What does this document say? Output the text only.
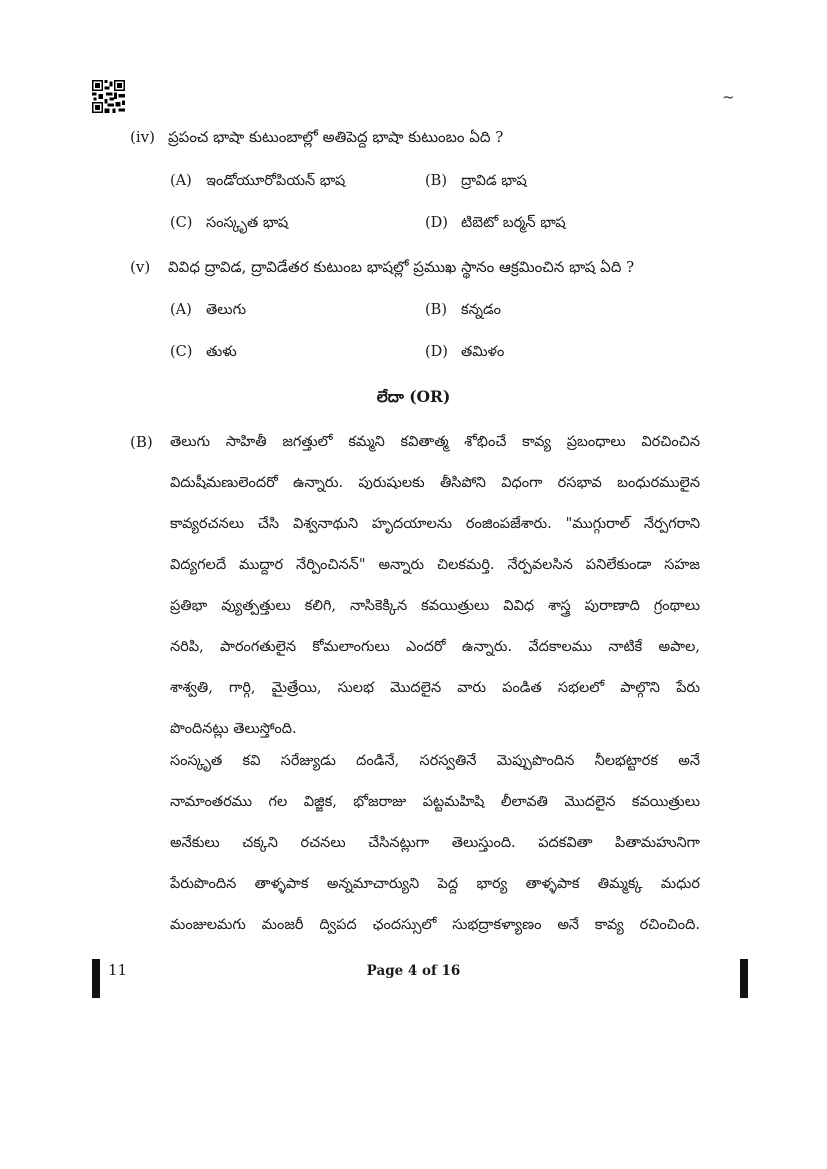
~
(iv) ప్రపంచ భాషా కుటుంబాల్లో అతిపెద్ద భాషా కుటుంబం ఏది ?
(A) ఇండోయూరోపియన్ భాష	(B) ద్రావిడ భాష
(C) సంస్కృత భాష	(D) టిబెటో బర్మన్ భాష
(v) వివిధ ద్రావిడ, ద్రావిడేతర కుటుంబ భాషల్లో ప్రముఖ స్థానం ఆక్రమించిన భాష ఏది ?
(A) తెలుగు	(B) కన్నడం
(C) తుళు	(D) తమిళం
లేదా (OR)
(B) తెలుగు సాహితీ జగత్తులో కమ్మని కవితాత్మ శోభించే కావ్య ప్రబంధాలు విరచించిన
విదుషీమణులెందరో ఉన్నారు. పురుషులకు తీసిపోని విధంగా రసభావ బంధురములైన
కావ్యరచనలు చేసి విశ్వనాథుని హృదయాలను రంజింపజేశారు. "ముగ్గురాల్ నేర్పగరాని
విద్యగలదే ముద్దార నేర్పించినన్" అన్నారు చిలకమర్తి. నేర్పవలసిన పనిలేకుండా సహజ
ప్రతిభా వ్యుత్పత్తులు కలిగి, నాసికెక్కిన కవయిత్రులు వివిధ శాస్త్ర పురాణాది గ్రంథాలు
నరిపి, పారంగతులైన కోమలాంగులు ఎందరో ఉన్నారు. వేదకాలము నాటికే అపాల,
శాశ్వతి, గార్గి, మైత్రేయి, సులభ మొదలైన వారు పండిత సభలలో పాల్గొని పేరు
పొందినట్లు తెలుస్తోంది.
సంస్కృత కవి సరేజ్యుడు దండినే, సరస్వతినే మెప్పుపొందిన నీలభట్టారక అనే
నామాంతరము గల విజ్జిక, భోజరాజు పట్టమహిషి లీలావతి మొదలైన కవయిత్రులు
అనేకులు చక్కని రచనలు చేసినట్లుగా తెలుస్తుంది. పదకవితా పితామహునిగా
పేరుపొందిన తాళ్ళపాక అన్నమాచార్యుని పెద్ద భార్య తాళ్ళపాక తిమ్మక్క మధుర
మంజులమగు మంజరీ ద్విపద ఛందస్సులో సుభద్రాకళ్యాణం అనే కావ్య రచించింది.
11	Page 4 of 16
